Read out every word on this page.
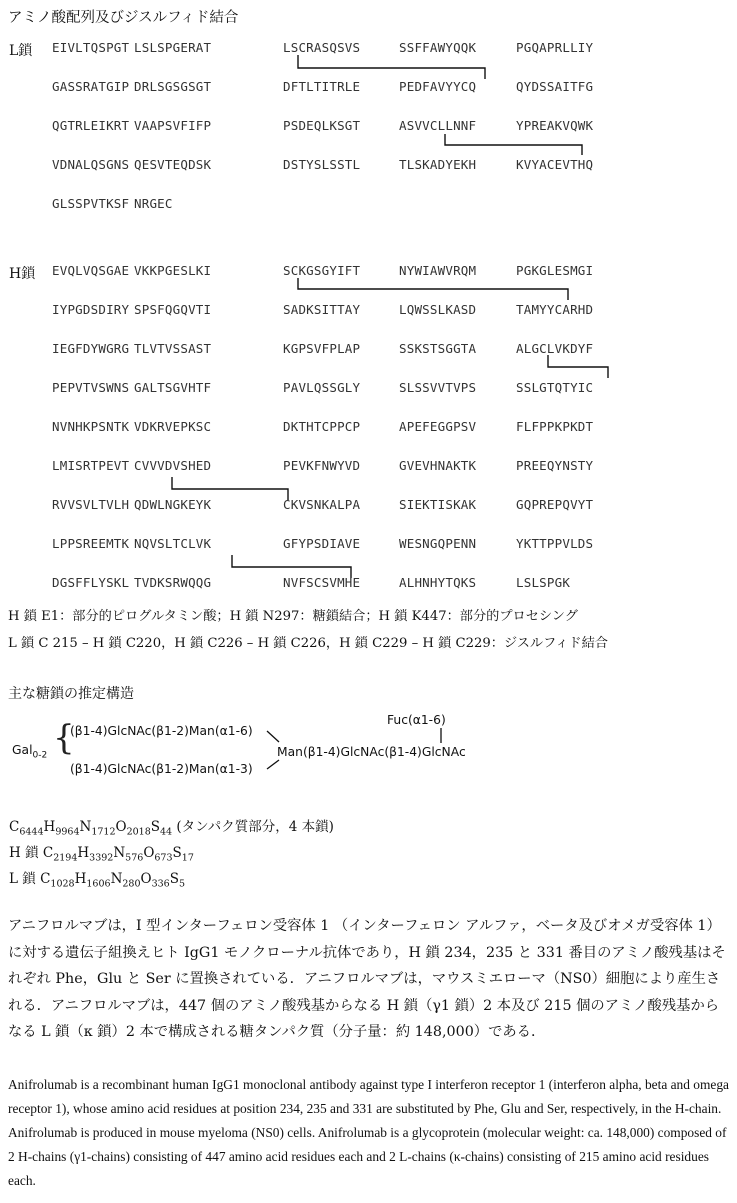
アミノ酸配列及びジスルフィド結合
L鎖 EIVLTQSPGT LSLSPGERAT	LSCRASQSVS	SSFFAWYQQK	PGQAPRLLIY
GASSRATGIP DRLSGSGSGT	DFTLTITRLE	PEDFAVYYCQ	QYDSSAITFG
QGTRLEIKRT VAAPSVFIFP	PSDEQLKSGT	ASVVCLLNNF	YPREAKVQWK
VDNALQSGNS QESVTEQDSK	DSTYSLSSTL	TLSKADYEKH	KVYACEVTHQ
GLSSPVTKSF NRGEC
H鎖 EVQLVQSGAE VKKPGESLKI	SCKGSGYIFT	NYWIAWVRQM	PGKGLESMGI
IYPGDSDIRY SPSFQGQVTI	SADKSITTAY	LQWSSLKASD	TAMYYCARHD
IEGFDYWGRG TLVTVSSAST	KGPSVFPLAP	SSKSTSGGTA	ALGCLVKDYF
PEPVTVSWNS GALTSGVHTF	PAVLQSSGLY	SLSSVVTVPS	SSLGTQTYIC
NVNHKPSNTK VDKRVEPKSC	DKTHTCPPCP	APEFEGGPSV	FLFPPKPKDT
LMISRTPEVT CVVVDVSHED	PEVKFNWYVD	GVEVHNAKTK	PREEQYNSTY
RVVSVLTVLH QDWLNGKEYK	CKVSNKALPA	SIEKTISKAK	GQPREPQVYT
LPPSREEMTK NQVSLTCLVK	GFYPSDIAVE	WESNGQPENN	YKTTPPVLDS
DGSFFLYSKL TVDKSRWQQG	NVFSCSVMHE	ALHNHYTQKS	LSLSPGK
H 鎖 E1：部分的ピログルタミン酸；H 鎖 N297：糖鎖結合；H 鎖 K447：部分的プロセシング
L 鎖 C 215 – H 鎖 C220，H 鎖 C226 – H 鎖 C226，H 鎖 C229 – H 鎖 C229：ジスルフィド結合
主な糖鎖の推定構造
Gal$_{0-2}$ {
(β1-4)GlcNAc(β1-2)Man(α1-6)
(β1-4)GlcNAc(β1-2)Man(α1-3)
Man(β1-4)GlcNAc(β1-4)GlcNAc
Fuc(α1-6)
$C_{6444}H_{9964}N_{1712}O_{2018}S_{44}$ (タンパク質部分，4 本鎖)
H 鎖 $C_{2194}H_{3392}N_{576}O_{673}S_{17}$
L 鎖 $C_{1028}H_{1606}N_{280}O_{336}S_5$
アニフロルマブは，I 型インターフェロン受容体 1 （インターフェロン アルファ，ベータ及びオメガ受容体 1）に対する遺伝子組換えヒト IgG1 モノクローナル抗体であり，H 鎖 234，235 と 331 番目のアミノ酸残基はそれぞれ Phe，Glu と Ser に置換されている．アニフロルマブは，マウスミエローマ（NS0）細胞により産生される．アニフロルマブは，447 個のアミノ酸残基からなる H 鎖（γ1 鎖）2 本及び 215 個のアミノ酸残基からなる L 鎖（κ 鎖）2 本で構成される糖タンパク質（分子量：約 148,000）である．
Anifrolumab is a recombinant human IgG1 monoclonal antibody against type I interferon receptor 1 (interferon alpha, beta and omega receptor 1), whose amino acid residues at position 234, 235 and 331 are substituted by Phe, Glu and Ser, respectively, in the H-chain. Anifrolumab is produced in mouse myeloma (NS0) cells. Anifrolumab is a glycoprotein (molecular weight: ca. 148,000) composed of 2 H-chains (γ1-chains) consisting of 447 amino acid residues each and 2 L-chains (κ-chains) consisting of 215 amino acid residues each.
